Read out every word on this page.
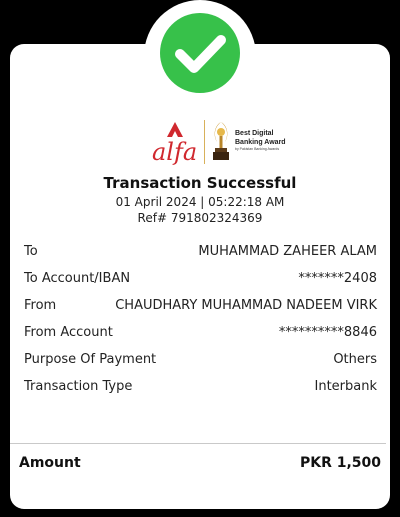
alfa
Best Digital Banking Award
by Pakistan Banking Awards
Transaction Successful
01 April 2024 | 05:22:18 AM
Ref# 791802324369
To	MUHAMMAD ZAHEER ALAM
To Account/IBAN	*******2408
From	CHAUDHARY MUHAMMAD NADEEM VIRK
From Account	**********8846
Purpose Of Payment	Others
Transaction Type	Interbank
Amount	PKR 1,500
